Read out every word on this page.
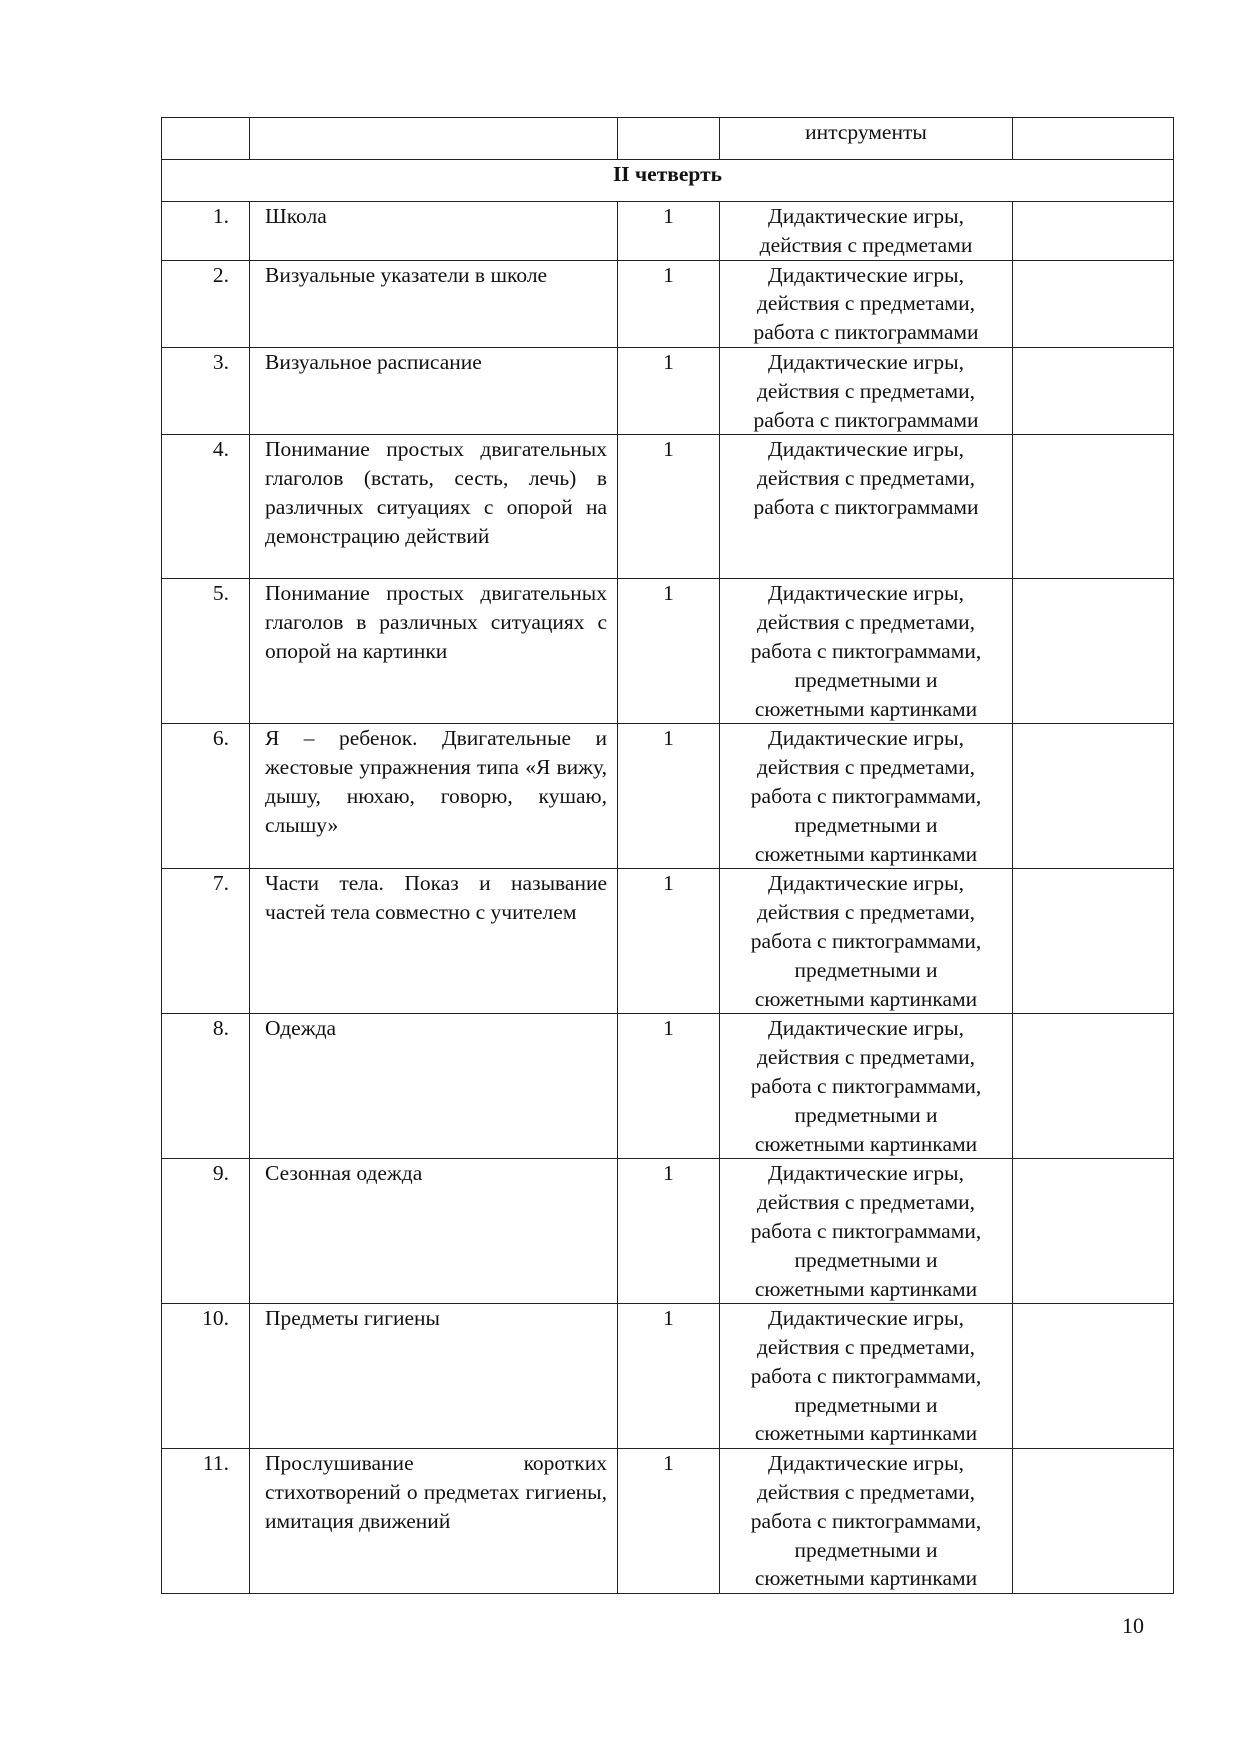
			интсрументы	
II четверть				
1.	Школа	1	Дидактические игры,
действия с предметами	

2.	Визуальные указатели в школе	1	Дидактические игры,
действия с предметами,
работа с пиктограммами	

3.	Визуальное расписание	1	Дидактические игры,
действия с предметами,
работа с пиктограммами	

4.	Понимание простых двигательных глаголов (встать, сесть, лечь) в различных ситуациях с опорой на демонстрацию действий	1	Дидактические игры,
действия с предметами,
работа с пиктограммами	

5.	Понимание простых двигательных глаголов в различных ситуациях с опорой на картинки	1	Дидактические игры,
действия с предметами,
работа с пиктограммами,
предметными и
сюжетными картинками	

6.	Я – ребенок. Двигательные и жестовые упражнения типа «Я вижу, дышу, нюхаю, говорю, кушаю, слышу»	1	Дидактические игры,
действия с предметами,
работа с пиктограммами,
предметными и
сюжетными картинками	

7.	Части тела. Показ и называние частей тела совместно с учителем	1	Дидактические игры,
действия с предметами,
работа с пиктограммами,
предметными и
сюжетными картинками	

8.	Одежда	1	Дидактические игры,
действия с предметами,
работа с пиктограммами,
предметными и
сюжетными картинками	

9.	Сезонная одежда	1	Дидактические игры,
действия с предметами,
работа с пиктограммами,
предметными и
сюжетными картинками	

10.	Предметы гигиены	1	Дидактические игры,
действия с предметами,
работа с пиктограммами,
предметными и
сюжетными картинками	

11.	Прослушивание коротких стихотворений о предметах гигиены, имитация движений	1	Дидактические игры,
действия с предметами,
работа с пиктограммами,
предметными и
сюжетными картинками	

10
